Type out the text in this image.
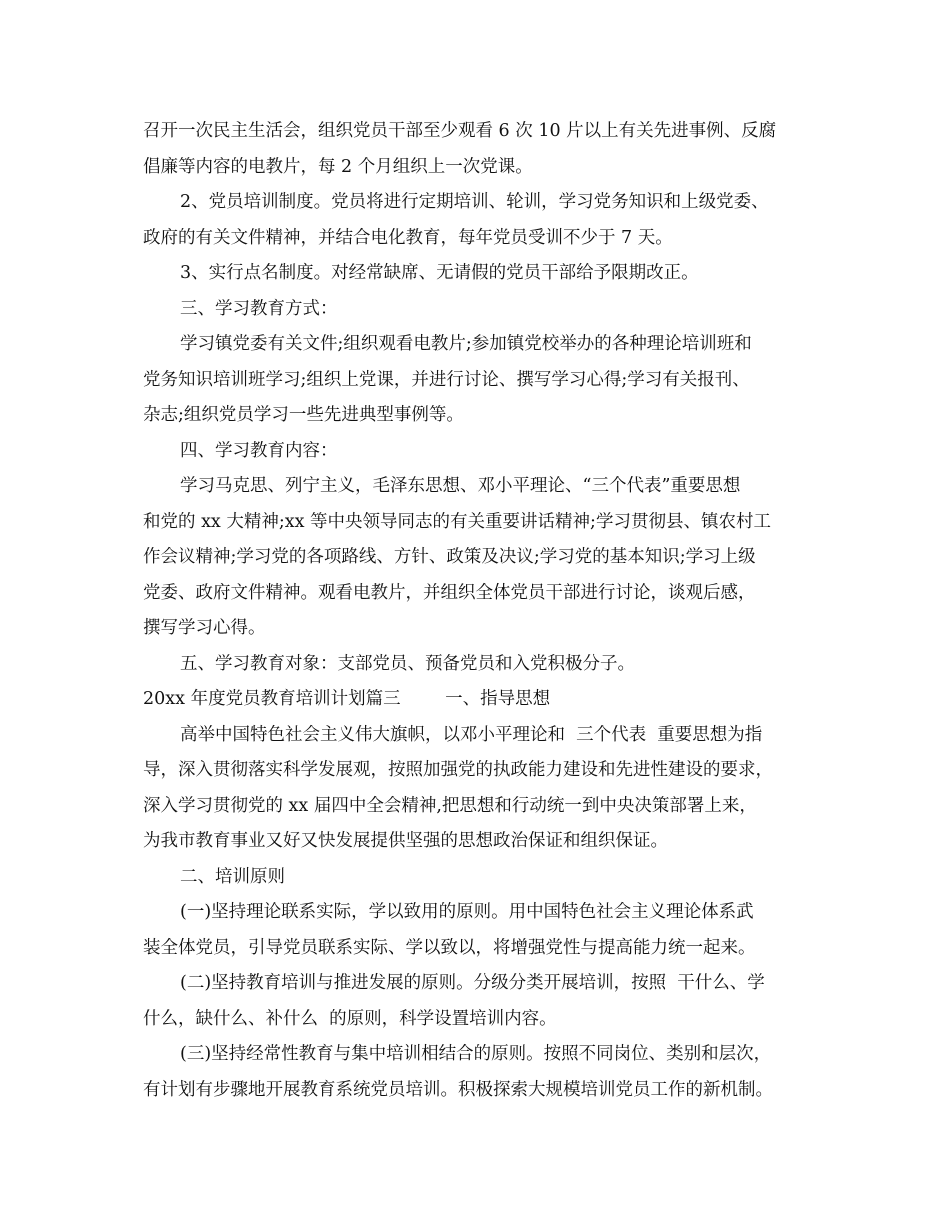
召开一次民主生活会，组织党员干部至少观看 6 次 10 片以上有关先进事例、反腐
倡廉等内容的电教片，每 2 个月组织上一次党课。
2、党员培训制度。党员将进行定期培训、轮训，学习党务知识和上级党委、
政府的有关文件精神，并结合电化教育，每年党员受训不少于 7 天。
3、实行点名制度。对经常缺席、无请假的党员干部给予限期改正。
三、学习教育方式：
学习镇党委有关文件;组织观看电教片;参加镇党校举办的各种理论培训班和
党务知识培训班学习;组织上党课，并进行讨论、撰写学习心得;学习有关报刊、
杂志;组织党员学习一些先进典型事例等。
四、学习教育内容：
学习马克思、列宁主义，毛泽东思想、邓小平理论、“三个代表”重要思想
和党的 xx 大精神;xx 等中央领导同志的有关重要讲话精神;学习贯彻县、镇农村工
作会议精神;学习党的各项路线、方针、政策及决议;学习党的基本知识;学习上级
党委、政府文件精神。观看电教片，并组织全体党员干部进行讨论，谈观后感，
撰写学习心得。
五、学习教育对象：支部党员、预备党员和入党积极分子。
20xx 年度党员教育培训计划篇三        一、指导思想
高举中国特色社会主义伟大旗帜，以邓小平理论和  三个代表  重要思想为指
导，深入贯彻落实科学发展观，按照加强党的执政能力建设和先进性建设的要求，
深入学习贯彻党的 xx 届四中全会精神,把思想和行动统一到中央决策部署上来，
为我市教育事业又好又快发展提供坚强的思想政治保证和组织保证。
二、培训原则
(一)坚持理论联系实际，学以致用的原则。用中国特色社会主义理论体系武
装全体党员，引导党员联系实际、学以致以，将增强党性与提高能力统一起来。
(二)坚持教育培训与推进发展的原则。分级分类开展培训，按照  干什么、学
什么，缺什么、补什么  的原则，科学设置培训内容。
(三)坚持经常性教育与集中培训相结合的原则。按照不同岗位、类别和层次，
有计划有步骤地开展教育系统党员培训。积极探索大规模培训党员工作的新机制。
